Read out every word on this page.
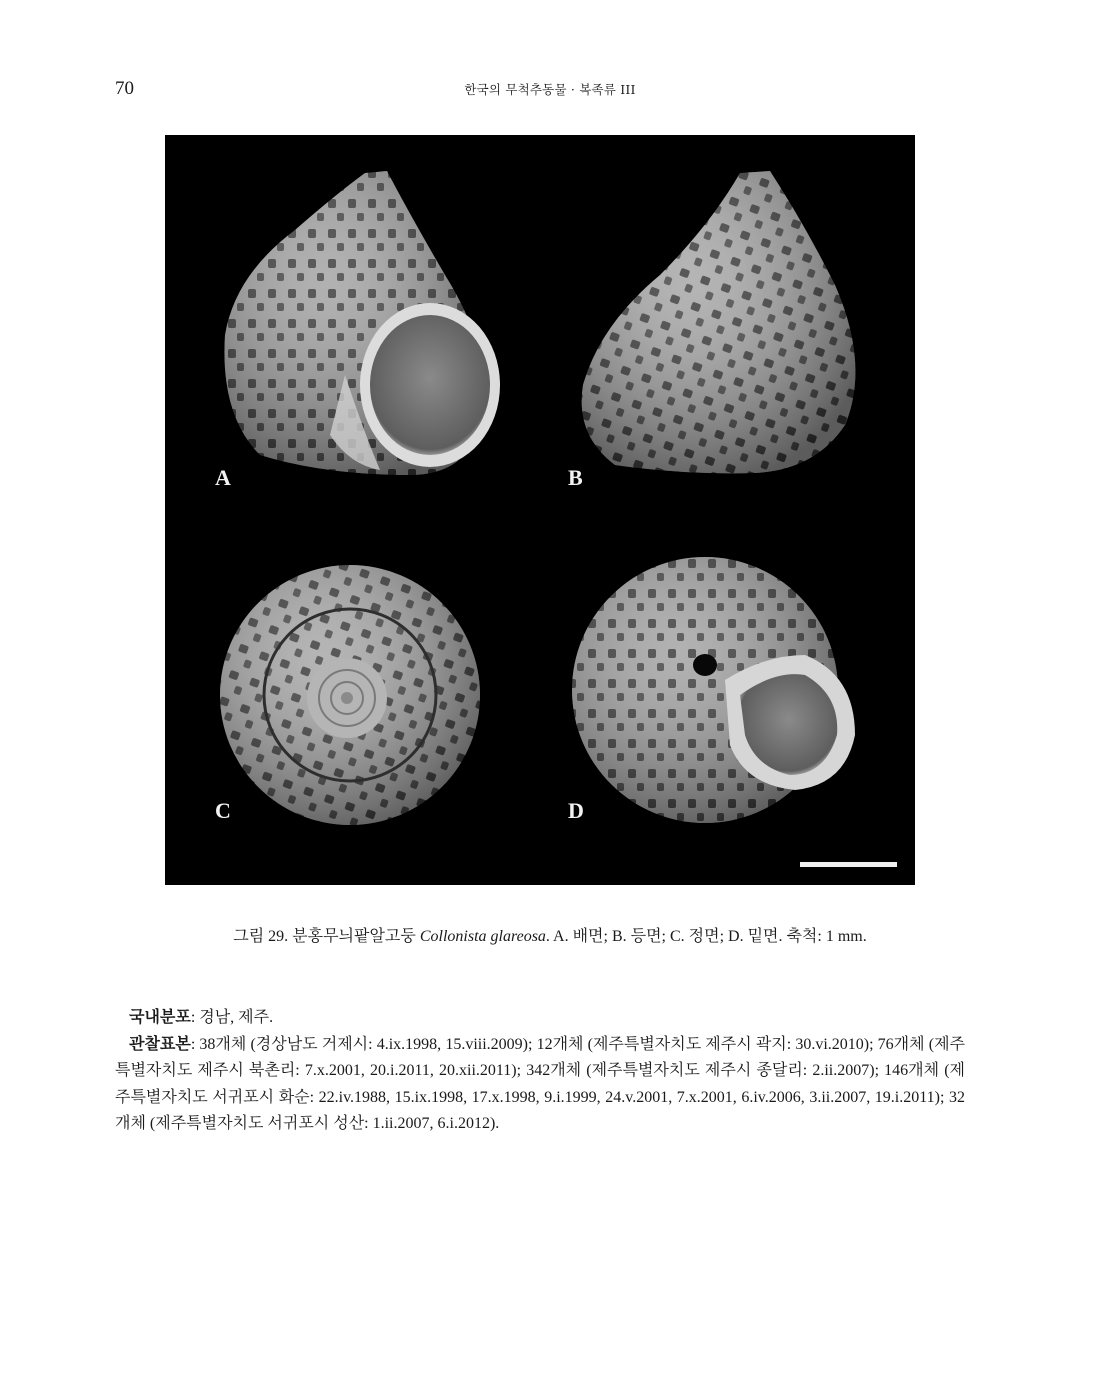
70	한국의 무척추동물 · 복족류 III
A	B
C	D
그림 29. 분홍무늬팥알고둥 Collonista glareosa. A. 배면; B. 등면; C. 정면; D. 밑면. 축척: 1 mm.

국내분포: 경남, 제주.

관찰표본: 38개체 (경상남도 거제시: 4.ix.1998, 15.viii.2009); 12개체 (제주특별자치도 제주시 곽지: 30.vi.2010); 76개체 (제주특별자치도 제주시 북촌리: 7.x.2001, 20.i.2011, 20.xii.2011); 342개체 (제주특별자치도 제주시 종달리: 2.ii.2007); 146개체 (제주특별자치도 서귀포시 화순: 22.iv.1988, 15.ix.1998, 17.x.1998, 9.i.1999, 24.v.2001, 7.x.2001, 6.iv.2006, 3.ii.2007, 19.i.2011); 32개체 (제주특별자치도 서귀포시 성산: 1.ii.2007, 6.i.2012).
